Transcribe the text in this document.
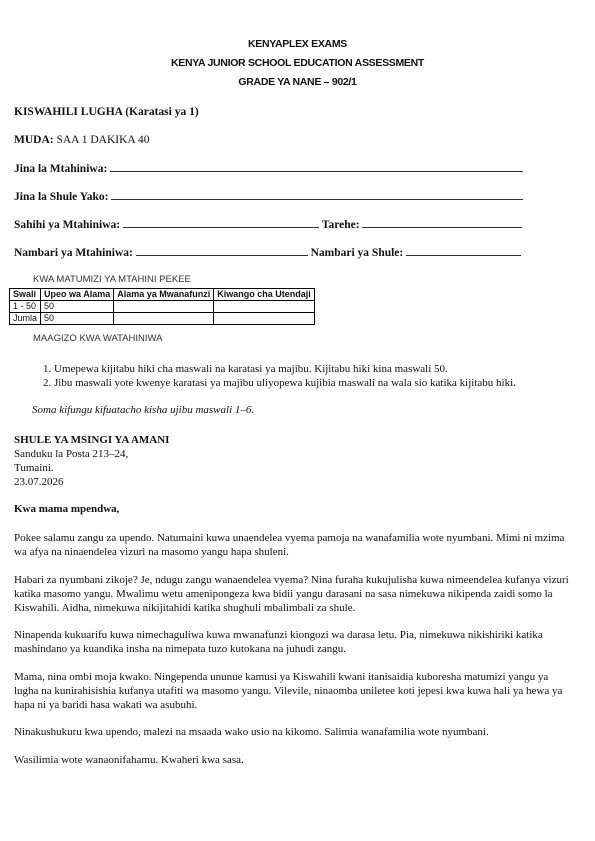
KENYAPLEX EXAMS
KENYA JUNIOR SCHOOL EDUCATION ASSESSMENT
GRADE YA NANE – 902/1
KISWAHILI LUGHA (Karatasi ya 1)
MUDA: SAA 1 DAKIKA 40
Jina la Mtahiniwa:
Jina la Shule Yako:
Sahihi ya Mtahiniwa:	Tarehe:
Nambari ya Mtahiniwa:	Nambari ya Shule:
KWA MATUMIZI YA MTAHINI PEKEE
Swali	Upeo wa Alama	Alama ya Mwanafunzi	Kiwango cha Utendaji
1 - 50	50		
Jumla	50		
MAAGIZO KWA WATAHINIWA
1. Umepewa kijitabu hiki cha maswali na karatasi ya majibu. Kijitabu hiki kina maswali 50.
2. Jibu maswali yote kwenye karatasi ya majibu uliyopewa kujibia maswali na wala sio katika kijitabu hiki.
Soma kifungu kifuatacho kisha ujibu maswali 1–6.
SHULE YA MSINGI YA AMANI
Sanduku la Posta 213–24,
Tumaini.
23.07.2026
Kwa mama mpendwa,
Pokee salamu zangu za upendo. Natumaini kuwa unaendelea vyema pamoja na wanafamilia wote nyumbani. Mimi ni mzima wa afya na ninaendelea vizuri na masomo yangu hapa shuleni.
Habari za nyumbani zikoje? Je, ndugu zangu wanaendelea vyema? Nina furaha kukujulisha kuwa nimeendelea kufanya vizuri katika masomo yangu. Mwalimu wetu amenipongeza kwa bidii yangu darasani na sasa nimekuwa nikipenda zaidi somo la Kiswahili. Aidha, nimekuwa nikijitahidi katika shughuli mbalimbali za shule.
Ninapenda kukuarifu kuwa nimechaguliwa kuwa mwanafunzi kiongozi wa darasa letu. Pia, nimekuwa nikishiriki katika mashindano ya kuandika insha na nimepata tuzo kutokana na juhudi zangu.
Mama, nina ombi moja kwako. Ningependa ununue kamusi ya Kiswahili kwani itanisaidia kuboresha matumizi yangu ya lugha na kunirahisishia kufanya utafiti wa masomo yangu. Vilevile, ninaomba uniletee koti jepesi kwa kuwa hali ya hewa ya hapa ni ya baridi hasa wakati wa asubuhi.
Ninakushukuru kwa upendo, malezi na msaada wako usio na kikomo. Salimia wanafamilia wote nyumbani.
Wasilimia wote wanaonifahamu. Kwaheri kwa sasa.
